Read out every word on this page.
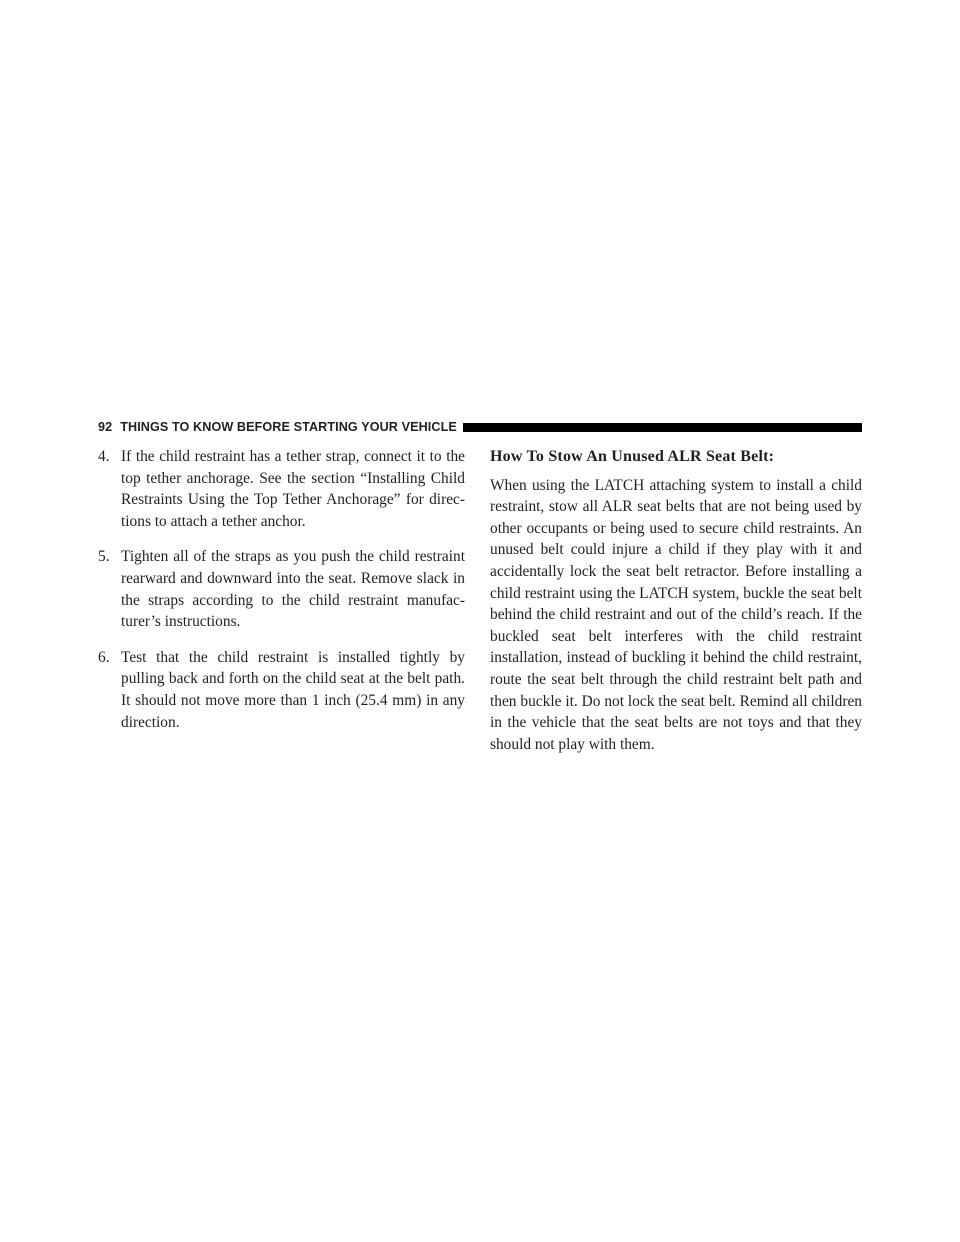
92 THINGS TO KNOW BEFORE STARTING YOUR VEHICLE
4. If the child restraint has a tether strap, connect it to the top tether anchorage. See the section “Installing Child Restraints Using the Top Tether Anchorage” for direc-tions to attach a tether anchor.
5. Tighten all of the straps as you push the child restraint rearward and downward into the seat. Remove slack in the straps according to the child restraint manufac-turer’s instructions.
6. Test that the child restraint is installed tightly by pulling back and forth on the child seat at the belt path. It should not move more than 1 inch (25.4 mm) in any direction.
How To Stow An Unused ALR Seat Belt:

When using the LATCH attaching system to install a child restraint, stow all ALR seat belts that are not being used by other occupants or being used to secure child restraints. An unused belt could injure a child if they play with it and accidentally lock the seat belt retractor. Before installing a child restraint using the LATCH system, buckle the seat belt behind the child restraint and out of the child’s reach. If the buckled seat belt interferes with the child restraint installation, instead of buckling it behind the child restraint, route the seat belt through the child restraint belt path and then buckle it. Do not lock the seat belt. Remind all children in the vehicle that the seat belts are not toys and that they should not play with them.
